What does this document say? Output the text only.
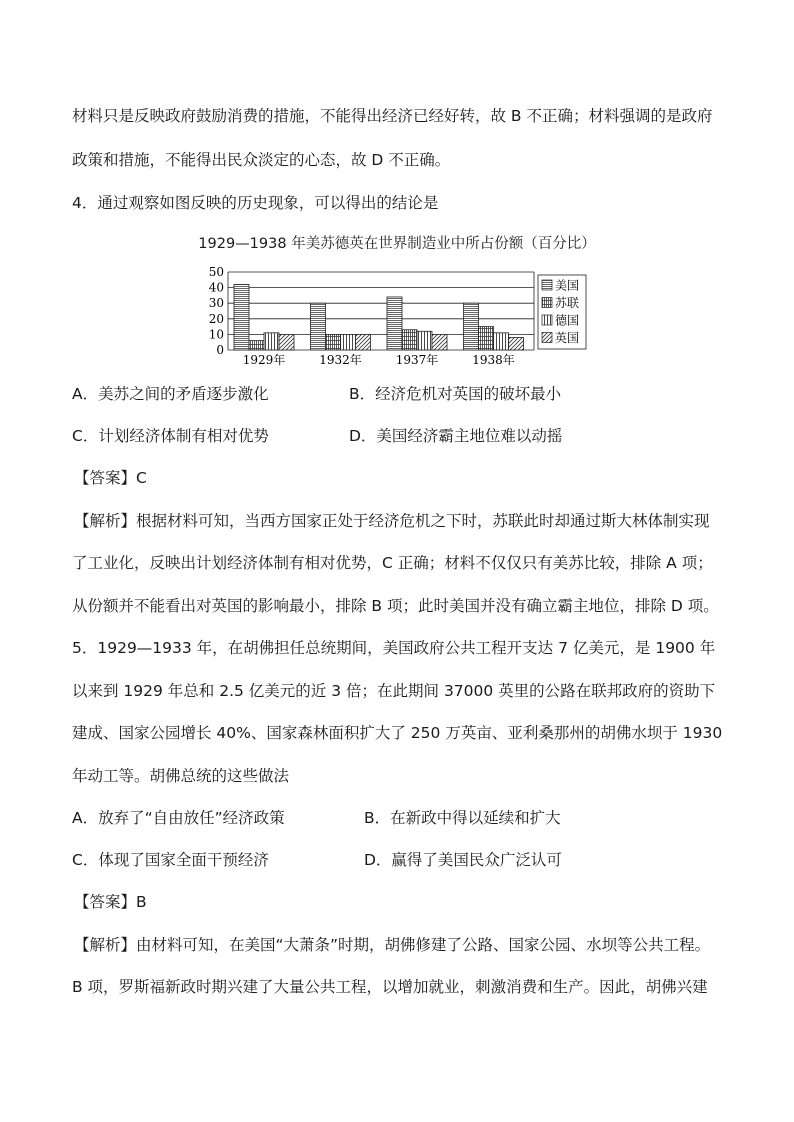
材料只是反映政府鼓励消费的措施，不能得出经济已经好转，故 B 不正确；材料强调的是政府
政策和措施，不能得出民众淡定的心态，故 D 不正确。
4．通过观察如图反映的历史现象，可以得出的结论是
1929—1938 年美苏德英在世界制造业中所占份额（百分比）
50
40
30
20
10
0
1929年	1932年	1937年	1938年
美国
苏联
德国
英国
A．美苏之间的矛盾逐步激化	B．经济危机对英国的破坏最小
C．计划经济体制有相对优势	D．美国经济霸主地位难以动摇
【答案】C
【解析】根据材料可知，当西方国家正处于经济危机之下时，苏联此时却通过斯大林体制实现
了工业化，反映出计划经济体制有相对优势，C 正确；材料不仅仅只有美苏比较，排除 A 项；
从份额并不能看出对英国的影响最小，排除 B 项；此时美国并没有确立霸主地位，排除 D 项。
5．1929—1933 年，在胡佛担任总统期间，美国政府公共工程开支达 7 亿美元，是 1900 年
以来到 1929 年总和 2.5 亿美元的近 3 倍；在此期间 37000 英里的公路在联邦政府的资助下
建成、国家公园增长 40%、国家森林面积扩大了 250 万英亩、亚利桑那州的胡佛水坝于 1930
年动工等。胡佛总统的这些做法
A．放弃了“自由放任”经济政策	B．在新政中得以延续和扩大
C．体现了国家全面干预经济	D．赢得了美国民众广泛认可
【答案】B
【解析】由材料可知，在美国“大萧条”时期，胡佛修建了公路、国家公园、水坝等公共工程。
B 项，罗斯福新政时期兴建了大量公共工程，以增加就业，刺激消费和生产。因此，胡佛兴建
